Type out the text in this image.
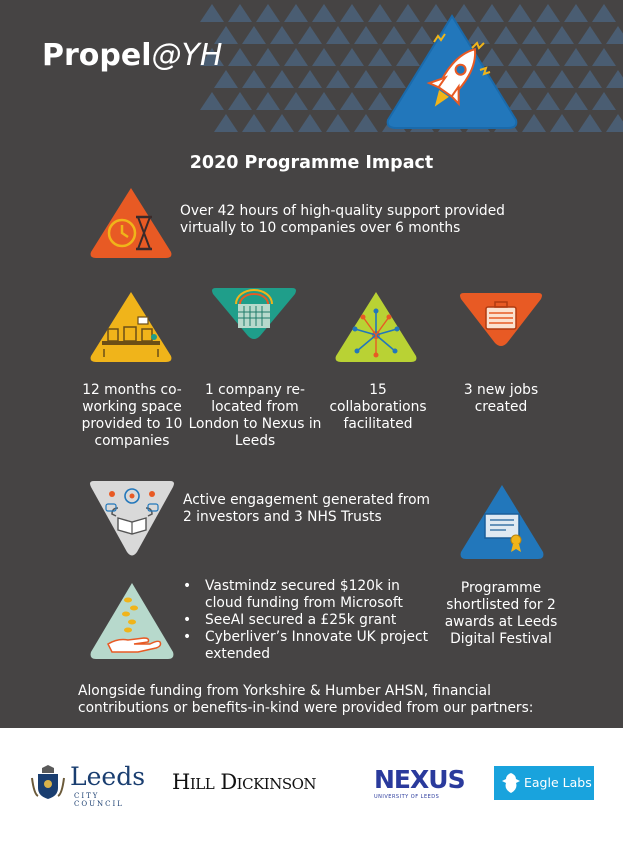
Propel@YH
2020 Programme Impact
Over 42 hours of high-quality support provided virtually to 10 companies over 6 months
12 months co-working space provided to 10 companies
1 company re-located from London to Nexus in Leeds
15 collaborations facilitated
3 new jobs created
Active engagement generated from 2 investors and 3 NHS Trusts
• Vastmindz secured $120k in cloud funding from Microsoft
• SeeAI secured a £25k grant
• Cyberliver’s Innovate UK project extended
Programme shortlisted for 2 awards at Leeds Digital Festival
Alongside funding from Yorkshire & Humber AHSN, financial contributions or benefits-in-kind were provided from our partners:
Leeds
CITY COUNCIL
Hill Dickinson	NEXUS
UNIVERSITY OF LEEDS
Eagle Labs
